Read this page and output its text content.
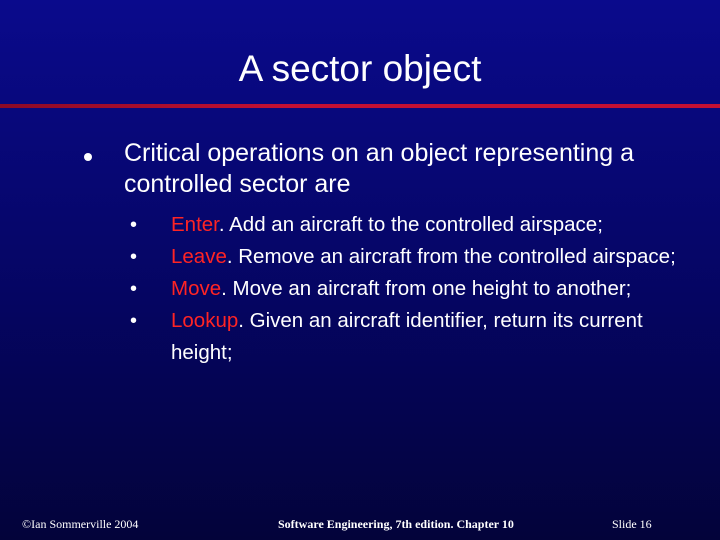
A sector object
Critical operations on an object representing a controlled sector are
• Enter. Add an aircraft to the controlled airspace;
• Leave. Remove an aircraft from the controlled airspace;
• Move. Move an aircraft from one height to another;
• Lookup. Given an aircraft identifier, return its current height;
©Ian Sommerville 2004	Software Engineering, 7th edition. Chapter 10	Slide 16
